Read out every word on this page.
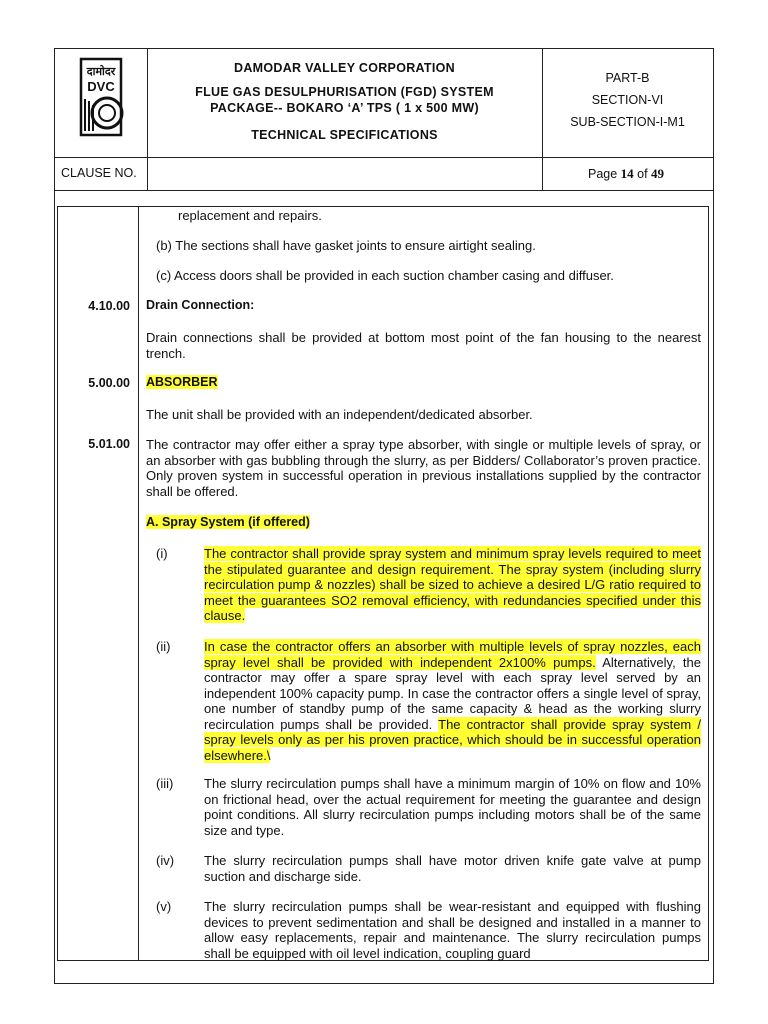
दामोदर
DVC
DAMODAR VALLEY CORPORATION
FLUE GAS DESULPHURISATION (FGD) SYSTEM
PACKAGE-- BOKARO ‘A’ TPS ( 1 x 500 MW)
TECHNICAL SPECIFICATIONS
PART-B
SECTION-VI
SUB-SECTION-I-M1
CLAUSE NO.	Page 14 of 49
replacement and repairs.
(b) The sections shall have gasket joints to ensure airtight sealing.
(c) Access doors shall be provided in each suction chamber casing and diffuser.
4.10.00 Drain Connection:
Drain connections shall be provided at bottom most point of the fan housing to the nearest trench.
5.00.00 ABSORBER
The unit shall be provided with an independent/dedicated absorber.
5.01.00 The contractor may offer either a spray type absorber, with single or multiple levels of spray, or an absorber with gas bubbling through the slurry, as per Bidders/ Collaborator’s proven practice. Only proven system in successful operation in previous installations supplied by the contractor shall be offered.
A. Spray System (if offered)
(i)	The contractor shall provide spray system and minimum spray levels required to meet the stipulated guarantee and design requirement. The spray system (including slurry recirculation pump & nozzles) shall be sized to achieve a desired L/G ratio required to meet the guarantees SO2 removal efficiency, with redundancies specified under this clause.
(ii)	In case the contractor offers an absorber with multiple levels of spray nozzles, each spray level shall be provided with independent 2x100% pumps. Alternatively, the contractor may offer a spare spray level with each spray level served by an independent 100% capacity pump. In case the contractor offers a single level of spray, one number of standby pump of the same capacity & head as the working slurry recirculation pumps shall be provided. The contractor shall provide spray system / spray levels only as per his proven practice, which should be in successful operation elsewhere.\
(iii) The slurry recirculation pumps shall have a minimum margin of 10% on flow and 10% on frictional head, over the actual requirement for meeting the guarantee and design point conditions. All slurry recirculation pumps including motors shall be of the same size and type.
(iv) The slurry recirculation pumps shall have motor driven knife gate valve at pump suction and discharge side.
(v)	The slurry recirculation pumps shall be wear-resistant and equipped with flushing devices to prevent sedimentation and shall be designed and installed in a manner to allow easy replacements, repair and maintenance. The slurry recirculation pumps shall be equipped with oil level indication, coupling guard
